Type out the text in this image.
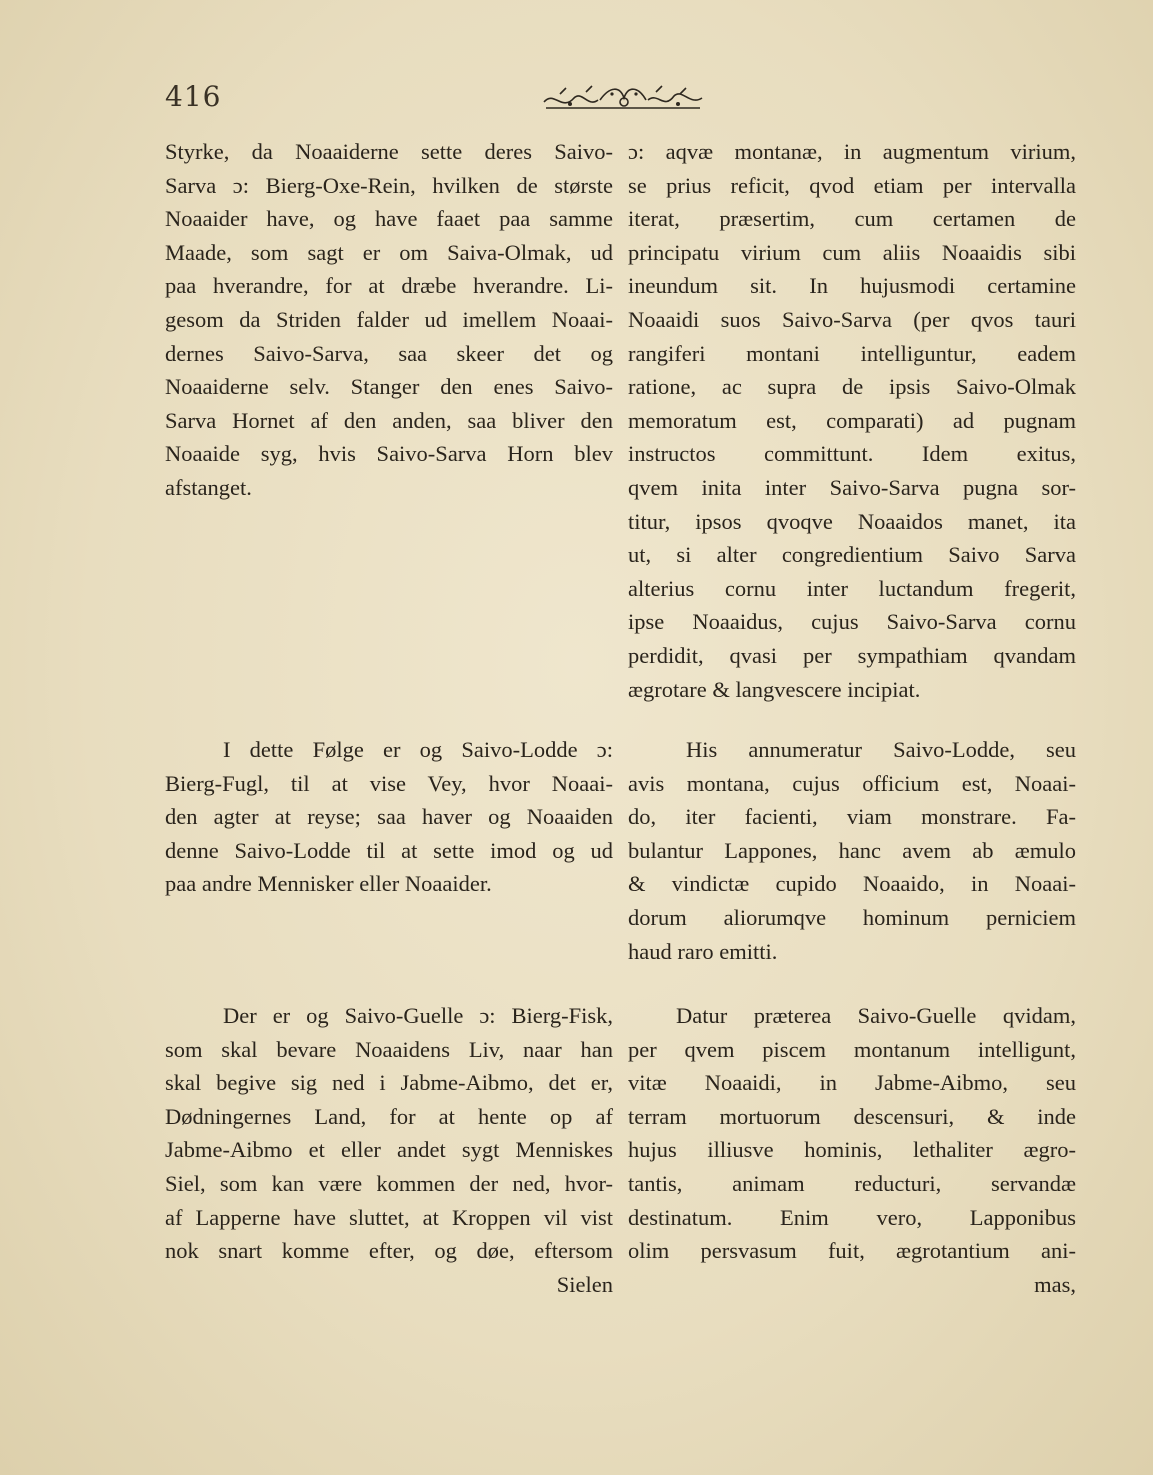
416
Styrke, da Noaaiderne sette deres Saivo-
Sarva ɔ: Bierg-Oxe-Rein, hvilken de største
Noaaider have, og have faaet paa samme
Maade, som sagt er om Saiva-Olmak, ud
paa hverandre, for at dræbe hverandre. Li-
gesom da Striden falder ud imellem Noaai-
dernes Saivo-Sarva, saa skeer det og
Noaaiderne selv. Stanger den enes Saivo-
Sarva Hornet af den anden, saa bliver den
Noaaide syg, hvis Saivo-Sarva Horn blev
afstanget.
I dette Følge er og Saivo-Lodde ɔ:
Bierg-Fugl, til at vise Vey, hvor Noaai-
den agter at reyse; saa haver og Noaaiden
denne Saivo-Lodde til at sette imod og ud
paa andre Mennisker eller Noaaider.
Der er og Saivo-Guelle ɔ: Bierg-Fisk,
som skal bevare Noaaidens Liv, naar han
skal begive sig ned i Jabme-Aibmo, det er,
Dødningernes Land, for at hente op af
Jabme-Aibmo et eller andet sygt Menniskes
Siel, som kan være kommen der ned, hvor-
af Lapperne have sluttet, at Kroppen vil vist
nok snart komme efter, og døe, eftersom
Sielen
ɔ: aqvæ montanæ, in augmentum virium,
se prius reficit, qvod etiam per intervalla
iterat, præsertim, cum certamen de
principatu virium cum aliis Noaaidis sibi
ineundum sit. In hujusmodi certamine
Noaaidi suos Saivo-Sarva (per qvos tauri
rangiferi montani intelliguntur, eadem
ratione, ac supra de ipsis Saivo-Olmak
memoratum est, comparati) ad pugnam
instructos committunt. Idem exitus,
qvem inita inter Saivo-Sarva pugna sor-
titur, ipsos qvoqve Noaaidos manet, ita
ut, si alter congredientium Saivo Sarva
alterius cornu inter luctandum fregerit,
ipse Noaaidus, cujus Saivo-Sarva cornu
perdidit, qvasi per sympathiam qvandam
ægrotare & langvescere incipiat.
His annumeratur Saivo-Lodde, seu
avis montana, cujus officium est, Noaai-
do, iter facienti, viam monstrare. Fa-
bulantur Lappones, hanc avem ab æmulo
& vindictæ cupido Noaaido, in Noaai-
dorum aliorumqve hominum perniciem
haud raro emitti.
Datur præterea Saivo-Guelle qvidam,
per qvem piscem montanum intelligunt,
vitæ Noaaidi, in Jabme-Aibmo, seu
terram mortuorum descensuri, & inde
hujus illiusve hominis, lethaliter ægro-
tantis, animam reducturi, servandæ
destinatum. Enim vero, Lapponibus
olim persvasum fuit, ægrotantium ani-
mas,
